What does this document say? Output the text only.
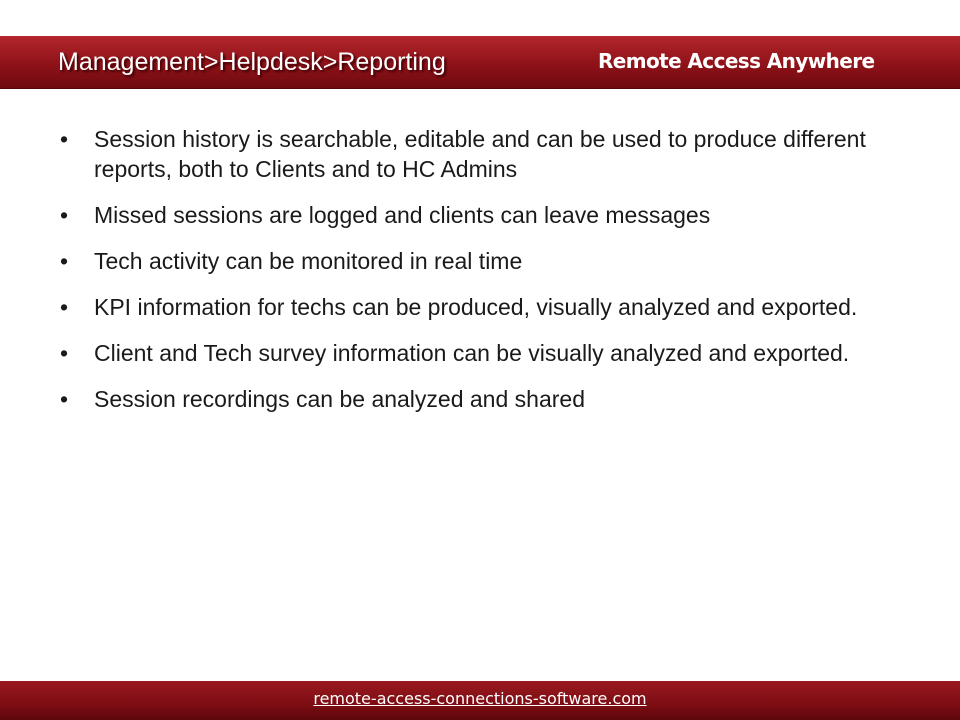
Management>Helpdesk>Reporting	Remote Access Anywhere
• Session history is searchable, editable and can be used to produce different reports, both to Clients and to HC Admins
• Missed sessions are logged and clients can leave messages
• Tech activity can be monitored in real time
• KPI information for techs can be produced, visually analyzed and exported.
• Client and Tech survey information can be visually analyzed and exported.
• Session recordings can be analyzed and shared
remote-access-connections-software.com
